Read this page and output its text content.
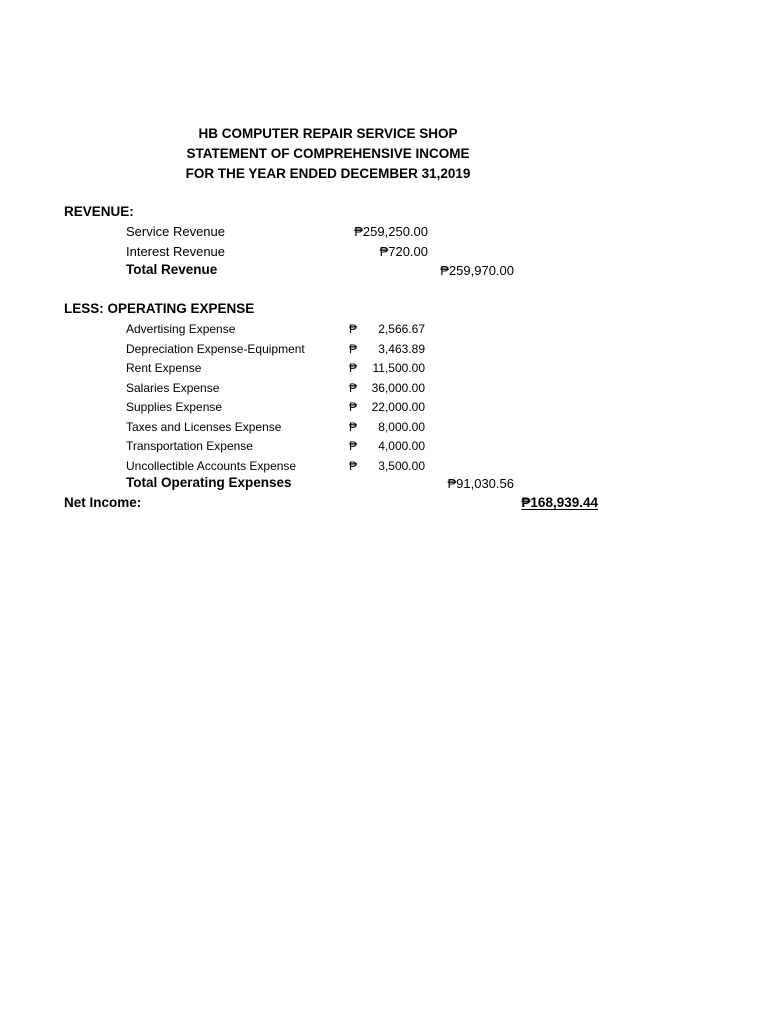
HB COMPUTER REPAIR SERVICE SHOP
STATEMENT OF COMPREHENSIVE INCOME
FOR THE YEAR ENDED DECEMBER 31,2019
REVENUE:
Service Revenue	₱259,250.00
Interest Revenue	₱720.00
Total Revenue	₱259,970.00
LESS: OPERATING EXPENSE
Advertising Expense	₱ 2,566.67
Depreciation Expense-Equipment	₱ 3,463.89
Rent Expense	₱ 11,500.00
Salaries Expense	₱ 36,000.00
Supplies Expense	₱ 22,000.00
Taxes and Licenses Expense	₱ 8,000.00
Transportation Expense	₱ 4,000.00
Uncollectible Accounts Expense	₱ 3,500.00
Total Operating Expenses	₱91,030.56
Net Income:	₱168,939.44
